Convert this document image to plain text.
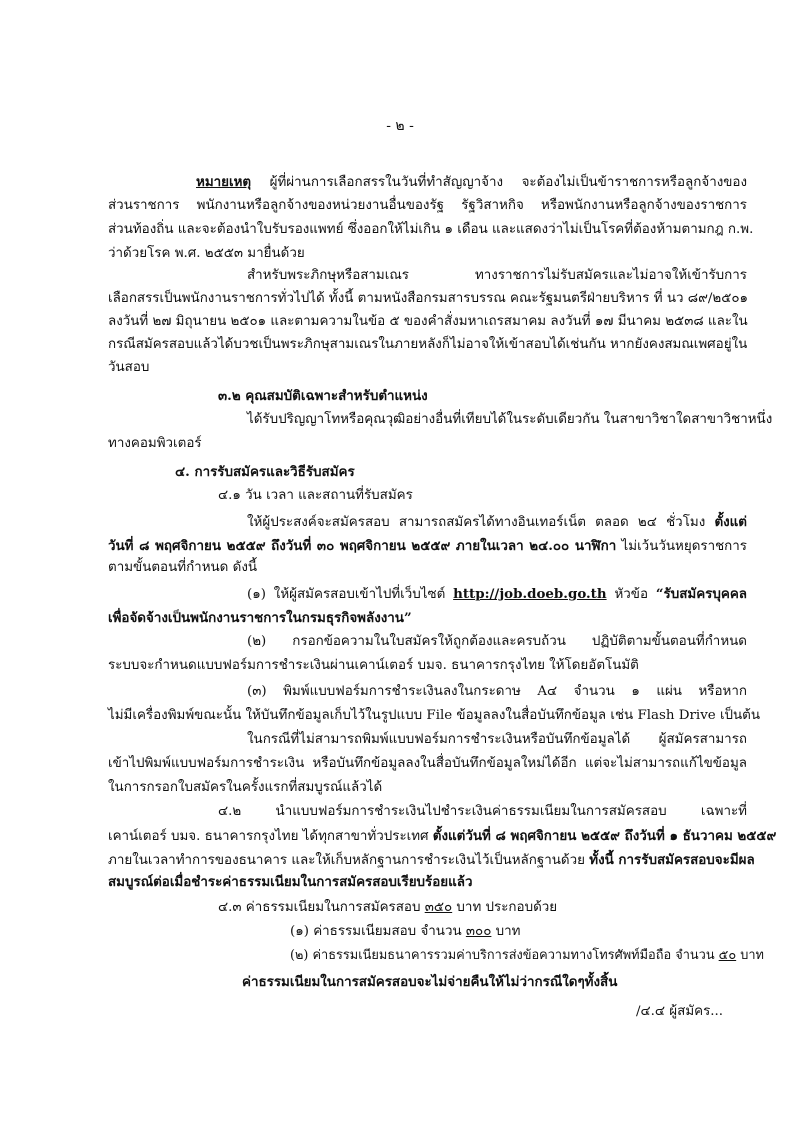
- ๒ -
หมายเหตุ ผู้ที่ผ่านการเลือกสรรในวันที่ทำสัญญาจ้าง จะต้องไม่เป็นข้าราชการหรือลูกจ้างของ
ส่วนราชการ พนักงานหรือลูกจ้างของหน่วยงานอื่นของรัฐ รัฐวิสาหกิจ หรือพนักงานหรือลูกจ้างของราชการ
ส่วนท้องถิ่น และจะต้องนำใบรับรองแพทย์ ซึ่งออกให้ไม่เกิน ๑ เดือน และแสดงว่าไม่เป็นโรคที่ต้องห้ามตามกฎ ก.พ.
ว่าด้วยโรค พ.ศ. ๒๕๕๓ มายื่นด้วย
สำหรับพระภิกษุหรือสามเณร ทางราชการไม่รับสมัครและไม่อาจให้เข้ารับการ
เลือกสรรเป็นพนักงานราชการทั่วไปได้ ทั้งนี้ ตามหนังสือกรมสารบรรณ คณะรัฐมนตรีฝ่ายบริหาร ที่ นว ๘๙/๒๕๐๑
ลงวันที่ ๒๗ มิถุนายน ๒๕๐๑ และตามความในข้อ ๕ ของคำสั่งมหาเถรสมาคม ลงวันที่ ๑๗ มีนาคม ๒๕๓๘ และใน
กรณีสมัครสอบแล้วได้บวชเป็นพระภิกษุสามเณรในภายหลังก็ไม่อาจให้เข้าสอบได้เช่นกัน หากยังคงสมณเพศอยู่ใน
วันสอบ
๓.๒ คุณสมบัติเฉพาะสำหรับตำแหน่ง
ได้รับปริญญาโทหรือคุณวุฒิอย่างอื่นที่เทียบได้ในระดับเดียวกัน ในสาขาวิชาใดสาขาวิชาหนึ่ง
ทางคอมพิวเตอร์
๔. การรับสมัครและวิธีรับสมัคร
๔.๑ วัน เวลา และสถานที่รับสมัคร
ให้ผู้ประสงค์จะสมัครสอบ สามารถสมัครได้ทางอินเทอร์เน็ต ตลอด ๒๔ ชั่วโมง ตั้งแต่
วันที่ ๘ พฤศจิกายน ๒๕๕๙ ถึงวันที่ ๓๐ พฤศจิกายน ๒๕๕๙ ภายในเวลา ๒๔.๐๐ นาฬิกา ไม่เว้นวันหยุดราชการ
ตามขั้นตอนที่กำหนด ดังนี้
(๑) ให้ผู้สมัครสอบเข้าไปที่เว็บไซต์ http://job.doeb.go.th หัวข้อ “รับสมัครบุคคล
เพื่อจัดจ้างเป็นพนักงานราชการในกรมธุรกิจพลังงาน”
(๒) กรอกข้อความในใบสมัครให้ถูกต้องและครบถ้วน ปฏิบัติตามขั้นตอนที่กำหนด
ระบบจะกำหนดแบบฟอร์มการชำระเงินผ่านเคาน์เตอร์ บมจ. ธนาคารกรุงไทย ให้โดยอัตโนมัติ
(๓) พิมพ์แบบฟอร์มการชำระเงินลงในกระดาษ A๔ จำนวน ๑ แผ่น หรือหาก
ไม่มีเครื่องพิมพ์ขณะนั้น ให้บันทึกข้อมูลเก็บไว้ในรูปแบบ File ข้อมูลลงในสื่อบันทึกข้อมูล เช่น Flash Drive เป็นต้น
ในกรณีที่ไม่สามารถพิมพ์แบบฟอร์มการชำระเงินหรือบันทึกข้อมูลได้ ผู้สมัครสามารถ
เข้าไปพิมพ์แบบฟอร์มการชำระเงิน หรือบันทึกข้อมูลลงในสื่อบันทึกข้อมูลใหม่ได้อีก แต่จะไม่สามารถแก้ไขข้อมูล
ในการกรอกใบสมัครในครั้งแรกที่สมบูรณ์แล้วได้
๔.๒ นำแบบฟอร์มการชำระเงินไปชำระเงินค่าธรรมเนียมในการสมัครสอบ เฉพาะที่
เคาน์เตอร์ บมจ. ธนาคารกรุงไทย ได้ทุกสาขาทั่วประเทศ ตั้งแต่วันที่ ๘ พฤศจิกายน ๒๕๕๙ ถึงวันที่ ๑ ธันวาคม ๒๕๕๙
ภายในเวลาทำการของธนาคาร และให้เก็บหลักฐานการชำระเงินไว้เป็นหลักฐานด้วย ทั้งนี้ การรับสมัครสอบจะมีผล
สมบูรณ์ต่อเมื่อชำระค่าธรรมเนียมในการสมัครสอบเรียบร้อยแล้ว
๔.๓ ค่าธรรมเนียมในการสมัครสอบ ๓๕๐ บาท ประกอบด้วย
(๑) ค่าธรรมเนียมสอบ จำนวน ๓๐๐ บาท
(๒) ค่าธรรมเนียมธนาคารรวมค่าบริการส่งข้อความทางโทรศัพท์มือถือ จำนวน ๕๐ บาท
ค่าธรรมเนียมในการสมัครสอบจะไม่จ่ายคืนให้ไม่ว่ากรณีใดๆทั้งสิ้น
/๔.๔ ผู้สมัคร...
